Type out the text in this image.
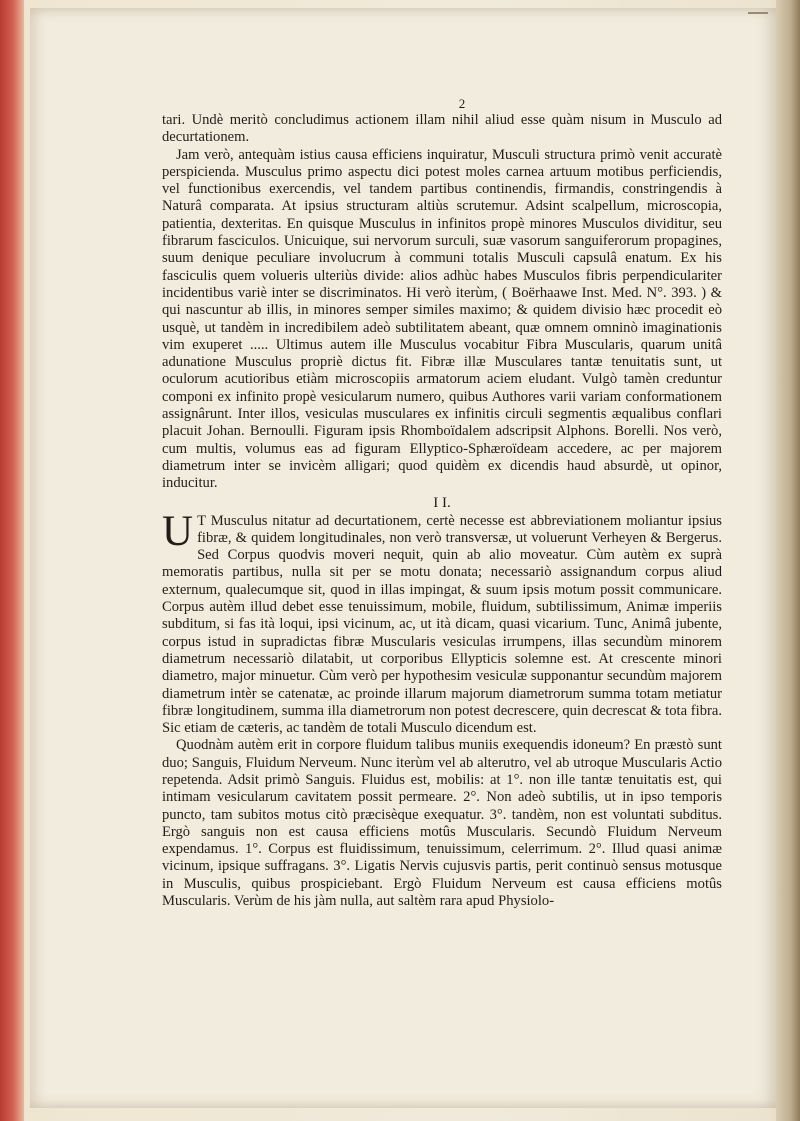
2

tari. Undè meritò concludimus actionem illam nihil aliud esse quàm nisum in Musculo ad decurtationem.

Jam verò, antequàm istius causa efficiens inquiratur, Musculi structura primò venit accuratè perspicienda. Musculus primo aspectu dici potest moles carnea artuum motibus perficiendis, vel functionibus exercendis, vel tandem partibus continendis, firmandis, constringendis à Naturâ comparata. At ipsius structuram altiùs scrutemur. Adsint scalpellum, microscopia, patientia, dexteritas. En quisque Musculus in infinitos propè minores Musculos dividitur, seu fibrarum fasciculos. Unicuique, sui nervorum surculi, suæ vasorum sanguiferorum propagines, suum denique peculiare involucrum à communi totalis Musculi capsulâ enatum. Ex his fasciculis quem volueris ulteriùs divide: alios adhùc habes Musculos fibris perpendiculariter incidentibus variè inter se discriminatos. Hi verò iterùm, ( Boërhaawe Inst. Med. N°. 393. ) & qui nascuntur ab illis, in minores semper similes maximo; & quidem divisio hæc procedit eò usquè, ut tandèm in incredibilem adeò subtilitatem abeant, quæ omnem omninò imaginationis vim exuperet ..... Ultimus autem ille Musculus vocabitur Fibra Muscularis, quarum unitâ adunatione Musculus propriè dictus fit. Fibræ illæ Musculares tantæ tenuitatis sunt, ut oculorum acutioribus etiàm microscopiis armatorum aciem eludant. Vulgò tamèn creduntur componi ex infinito propè vesicularum numero, quibus Authores varii variam conformationem assignârunt. Inter illos, vesiculas musculares ex infinitis circuli segmentis æqualibus conflari placuit Johan. Bernoulli. Figuram ipsis Rhomboïdalem adscripsit Alphons. Borelli. Nos verò, cum multis, volumus eas ad figuram Ellyptico-Sphæroïdeam accedere, ac per majorem diametrum inter se invicèm alligari; quod quidèm ex dicendis haud absurdè, ut opinor, inducitur.

I I.

U T Musculus nitatur ad decurtationem, certè necesse est abbreviationem moliantur ipsius fibræ, & quidem longitudinales, non verò transversæ, ut voluerunt Verheyen & Bergerus. Sed Corpus quodvis moveri nequit, quin ab alio moveatur. Cùm autèm ex suprà memoratis partibus, nulla sit per se motu donata; necessariò assignandum corpus aliud externum, qualecumque sit, quod in illas impingat, & suum ipsis motum possit communicare. Corpus autèm illud debet esse tenuissimum, mobile, fluidum, subtilissimum, Animæ imperiis subditum, si fas ità loqui, ipsi vicinum, ac, ut ità dicam, quasi vicarium. Tunc, Animâ jubente, corpus istud in supradictas fibræ Muscularis vesiculas irrumpens, illas secundùm minorem diametrum necessariò dilatabit, ut corporibus Ellypticis solemne est. At crescente minori diametro, major minuetur. Cùm verò per hypothesim vesiculæ supponantur secundùm majorem diametrum intèr se catenatæ, ac proinde illarum majorum diametrorum summa totam metiatur fibræ longitudinem, summa illa diametrorum non potest decrescere, quin decrescat & tota fibra. Sic etiam de cæteris, ac tandèm de totali Musculo dicendum est.

Quodnàm autèm erit in corpore fluidum talibus muniis exequendis idoneum? En præstò sunt duo; Sanguis, Fluidum Nerveum. Nunc iterùm vel ab alterutro, vel ab utroque Muscularis Actio repetenda. Adsit primò Sanguis. Fluidus est, mobilis: at 1°. non ille tantæ tenuitatis est, qui intimam vesicularum cavitatem possit permeare. 2°. Non adeò subtilis, ut in ipso temporis puncto, tam subitos motus citò præcisèque exequatur. 3°. tandèm, non est voluntati subditus. Ergò sanguis non est causa efficiens motûs Muscularis. Secundò Fluidum Nerveum expendamus. 1°. Corpus est fluidissimum, tenuissimum, celerrimum. 2°. Illud quasi animæ vicinum, ipsique suffragans. 3°. Ligatis Nervis cujusvis partis, perit continuò sensus motusque in Musculis, quibus prospiciebant. Ergò Fluidum Nerveum est causa efficiens motûs Muscularis. Verùm de his jàm nulla, aut saltèm rara apud Physiolo-
